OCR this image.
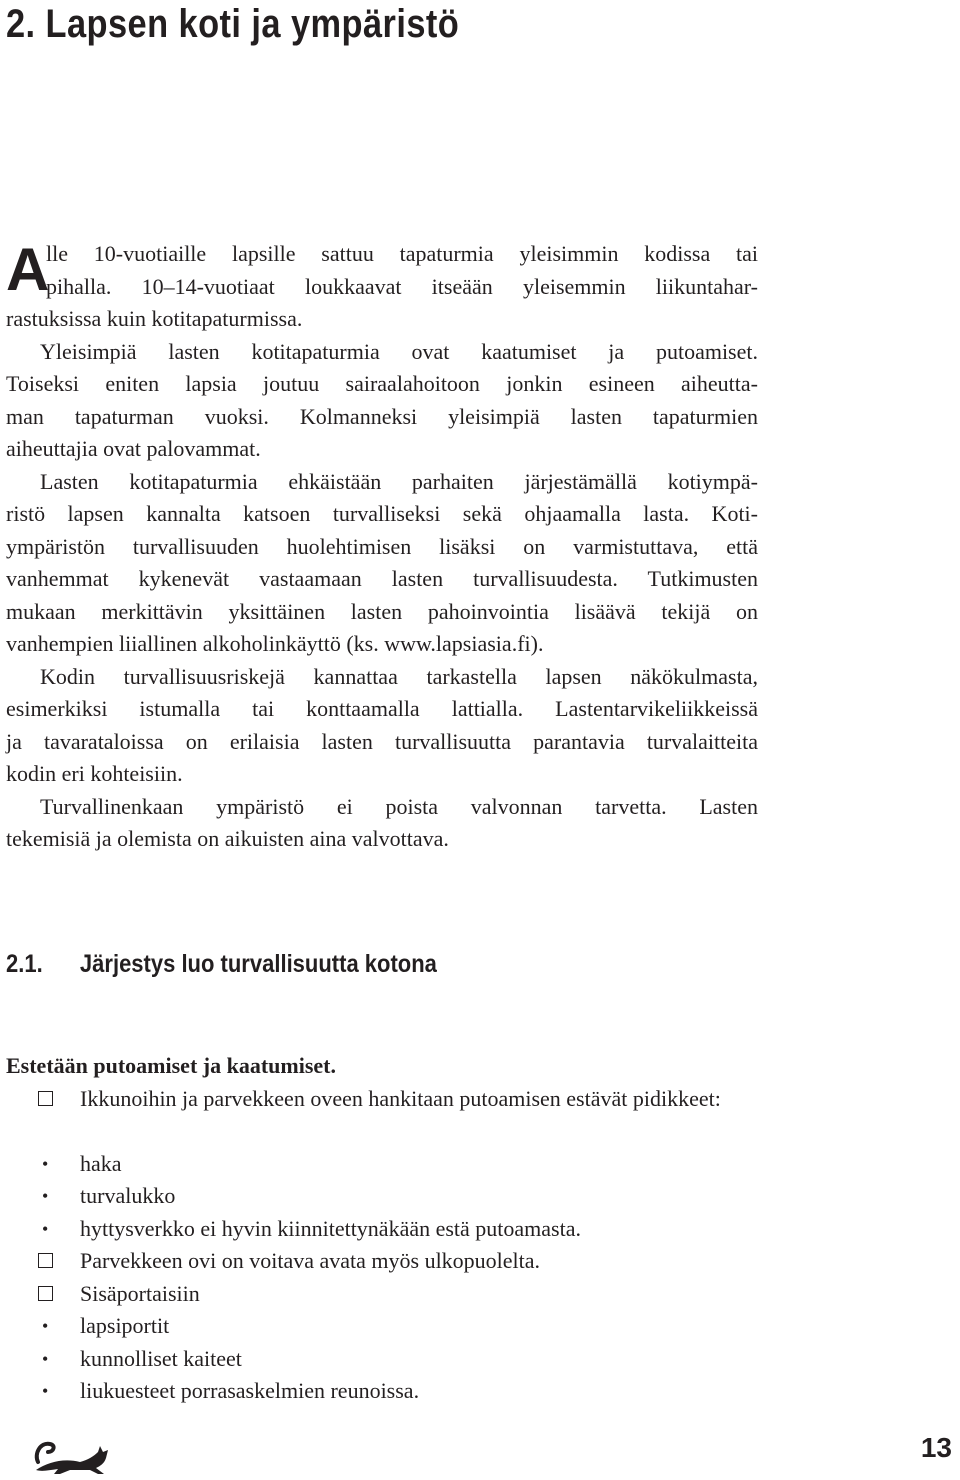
2. Lapsen koti ja ympäristö
A
lle 10-vuotiaille lapsille sattuu tapaturmia yleisimmin kodissa tai
pihalla. 10–14-vuotiaat loukkaavat itseään yleisemmin liikuntahar-
rastuksissa kuin kotitapaturmissa.
Yleisimpiä lasten kotitapaturmia ovat kaatumiset ja putoamiset.
Toiseksi eniten lapsia joutuu sairaalahoitoon jonkin esineen aiheutta-
man tapaturman vuoksi. Kolmanneksi yleisimpiä lasten tapaturmien
aiheuttajia ovat palovammat.
Lasten kotitapaturmia ehkäistään parhaiten järjestämällä kotiympä-
ristö lapsen kannalta katsoen turvalliseksi sekä ohjaamalla lasta. Koti-
ympäristön turvallisuuden huolehtimisen lisäksi on varmistuttava, että
vanhemmat kykenevät vastaamaan lasten turvallisuudesta. Tutkimusten
mukaan merkittävin yksittäinen lasten pahoinvointia lisäävä tekijä on
vanhempien liiallinen alkoholinkäyttö (ks. www.lapsiasia.fi).
Kodin turvallisuusriskejä kannattaa tarkastella lapsen näkökulmasta,
esimerkiksi istumalla tai konttaamalla lattialla. Lastentarvikeliikkeissä
ja tavarataloissa on erilaisia lasten turvallisuutta parantavia turvalaitteita
kodin eri kohteisiin.
Turvallinenkaan ympäristö ei poista valvonnan tarvetta. Lasten
tekemisiä ja olemista on aikuisten aina valvottava.
2.1. Järjestys luo turvallisuutta kotona
Estetään putoamiset ja kaatumiset.
Ikkunoihin ja parvekkeen oveen hankitaan putoamisen estävät pidikkeet:
• haka
• turvalukko
• hyttysverkko ei hyvin kiinnitettynäkään estä putoamasta.
Parvekkeen ovi on voitava avata myös ulkopuolelta.
Sisäportaisiin
• lapsiportit
• kunnolliset kaiteet
• liukuesteet porrasaskelmien reunoissa.
13
